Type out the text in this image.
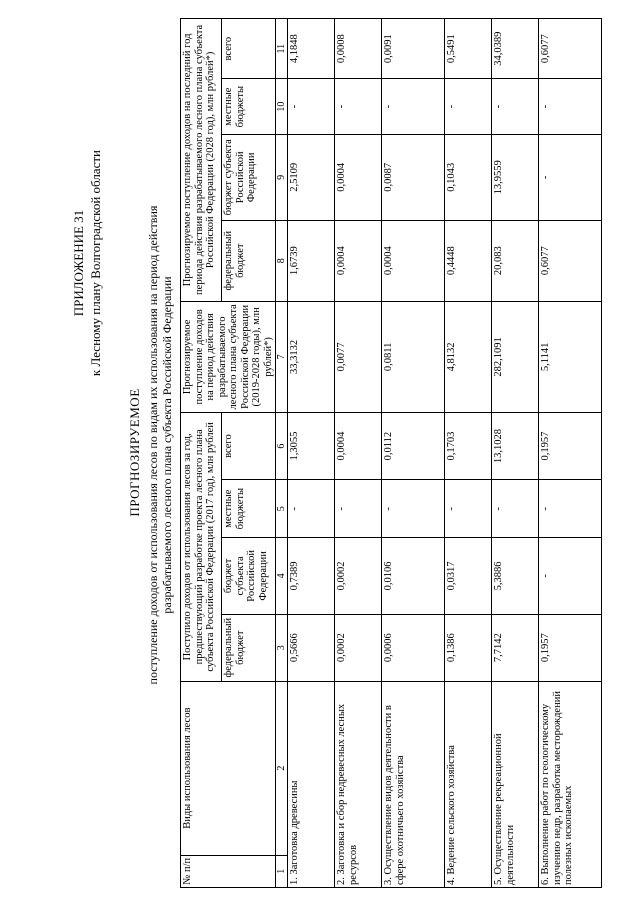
ПРИЛОЖЕНИЕ 31 к Лесному плану Волгоградской области
ПРОГНОЗИРУЕМОЕ поступление доходов от использования лесов по видам их использования на период действия разрабатываемого лесного плана субъекта Российской Федерации
№ п/п	Виды использования лесов	Поступило доходов от использования лесов за год, предшествующий разработке проекта лесного плана субъекта Российской Федерации (2017 год), млн рублей				Прогнозируемое поступление доходов на период действия разрабатываемого лесного плана субъекта Российской Федерации (2019-2028 годы), млн рублей*)	Прогнозируемое поступление доходов на последний год периода действия разрабатываемого лесного плана субъекта Российской Федерации (2028 год), млн рублей*)			
		федеральный бюджет	бюджет субъекта Российской Федерации	местные бюджеты	всего		федеральный бюджет	бюджет субъекта Российской Федерации	местные бюджеты	всего
1	2	3	4	5	6	7	8	9	10	11
1. Заготовка древесины		0,5666	0,7389	-	1,3055	33,3132	1,6739	2,5109	-	4,1848
2. Заготовка и сбор недревесных лесных ресурсов		0,0002	0,0002	-	0,0004	0,0077	0,0004	0,0004	-	0,0008
3. Осуществление видов деятельности в сфере охотничьего хозяйства		0,0006	0,0106	-	0,0112	0,0811	0,0004	0,0087	-	0,0091
4. Ведение сельского хозяйства		0,1386	0,0317	-	0,1703	4,8132	0,4448	0,1043	-	0,5491
5. Осуществление рекреационной деятельности		7,7142	5,3886	-	13,1028	282,1091	20,083	13,9559	-	34,0389
6. Выполнение работ по геологическому изучению недр, разработка месторождений полезных ископаемых		0,1957	-	-	0,1957	5,1141	0,6077	-	-	0,6077
